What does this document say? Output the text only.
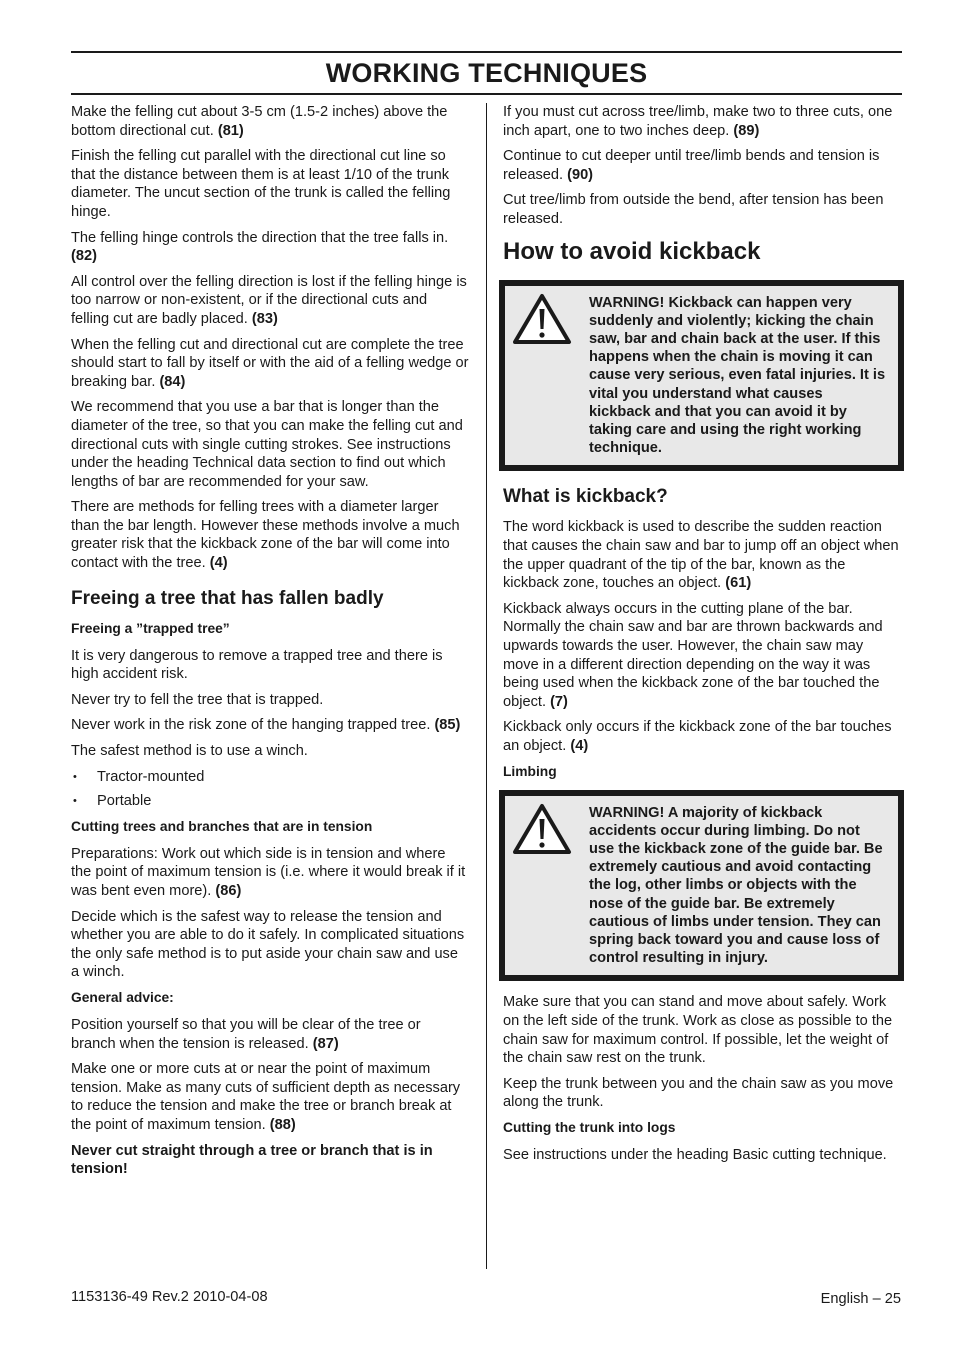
WORKING TECHNIQUES

Make the felling cut about 3-5 cm (1.5-2 inches) above the bottom directional cut. (81)

Finish the felling cut parallel with the directional cut line so that the distance between them is at least 1/10 of the trunk diameter. The uncut section of the trunk is called the felling hinge.

The felling hinge controls the direction that the tree falls in. (82)

All control over the felling direction is lost if the felling hinge is too narrow or non-existent, or if the directional cuts and felling cut are badly placed. (83)

When the felling cut and directional cut are complete the tree should start to fall by itself or with the aid of a felling wedge or breaking bar. (84)

We recommend that you use a bar that is longer than the diameter of the tree, so that you can make the felling cut and directional cuts with single cutting strokes. See instructions under the heading Technical data section to find out which lengths of bar are recommended for your saw.

There are methods for felling trees with a diameter larger than the bar length. However these methods involve a much greater risk that the kickback zone of the bar will come into contact with the tree. (4)

Freeing a tree that has fallen badly
Freeing a ”trapped tree”

It is very dangerous to remove a trapped tree and there is high accident risk.

Never try to fell the tree that is trapped.

Never work in the risk zone of the hanging trapped tree. (85)

The safest method is to use a winch.

• Tractor-mounted
• Portable
Cutting trees and branches that are in tension

Preparations: Work out which side is in tension and where the point of maximum tension is (i.e. where it would break if it was bent even more). (86)

Decide which is the safest way to release the tension and whether you are able to do it safely. In complicated situations the only safe method is to put aside your chain saw and use a winch.

General advice:

Position yourself so that you will be clear of the tree or branch when the tension is released. (87)

Make one or more cuts at or near the point of maximum tension. Make as many cuts of sufficient depth as necessary to reduce the tension and make the tree or branch break at the point of maximum tension. (88)

Never cut straight through a tree or branch that is in tension!

If you must cut across tree/limb, make two to three cuts, one inch apart, one to two inches deep. (89)

Continue to cut deeper until tree/limb bends and tension is released. (90)

Cut tree/limb from outside the bend, after tension has been released.

How to avoid kickback
WARNING! Kickback can happen very suddenly and violently; kicking the chain saw, bar and chain back at the user. If this happens when the chain is moving it can cause very serious, even fatal injuries. It is vital you understand what causes kickback and that you can avoid it by taking care and using the right working technique.
What is kickback?

The word kickback is used to describe the sudden reaction that causes the chain saw and bar to jump off an object when the upper quadrant of the tip of the bar, known as the kickback zone, touches an object. (61)

Kickback always occurs in the cutting plane of the bar. Normally the chain saw and bar are thrown backwards and upwards towards the user. However, the chain saw may move in a different direction depending on the way it was being used when the kickback zone of the bar touched the object. (7)

Kickback only occurs if the kickback zone of the bar touches an object. (4)

Limbing
WARNING! A majority of kickback accidents occur during limbing. Do not use the kickback zone of the guide bar. Be extremely cautious and avoid contacting the log, other limbs or objects with the nose of the guide bar. Be extremely cautious of limbs under tension. They can spring back toward you and cause loss of control resulting in injury.

Make sure that you can stand and move about safely. Work on the left side of the trunk. Work as close as possible to the chain saw for maximum control. If possible, let the weight of the chain saw rest on the trunk.

Keep the trunk between you and the chain saw as you move along the trunk.

Cutting the trunk into logs

See instructions under the heading Basic cutting technique.

1153136-49 Rev.2 2010-04-08	English – 25
